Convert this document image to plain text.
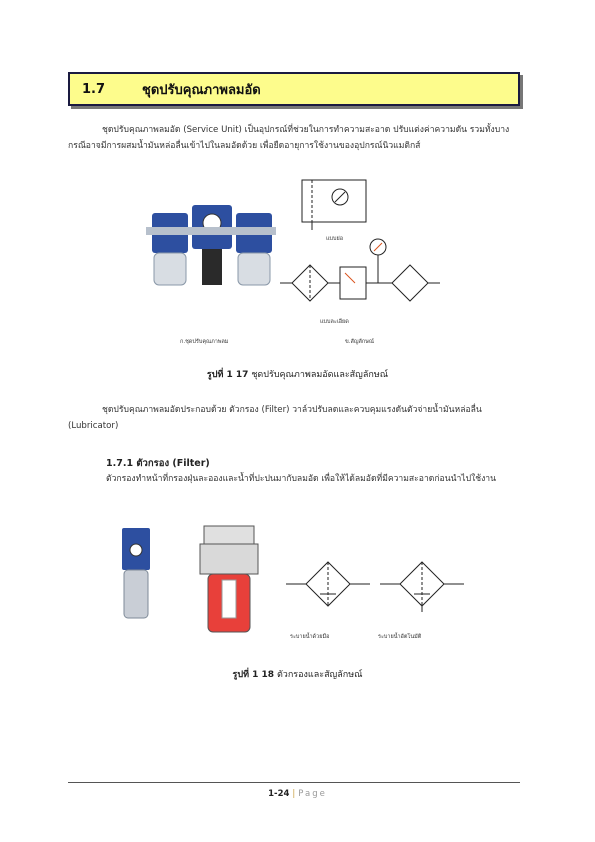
1.7	ชุดปรับคุณภาพลมอัด
ชุดปรับคุณภาพลมอัด (Service Unit) เป็นอุปกรณ์ที่ช่วยในการทำความสะอาด ปรับแต่งค่าความดัน รวมทั้งบางกรณีอาจมีการผสมน้ำมันหล่อลื่นเข้าไปในลมอัดด้วย เพื่อยืดอายุการใช้งานของอุปกรณ์นิวแมติกส์
ก.ชุดปรับคุณภาพลม
แบบย่อ
แบบละเอียด
ข.สัญลักษณ์
รูปที่ 1 17 ชุดปรับคุณภาพลมอัดและสัญลักษณ์
ชุดปรับคุณภาพลมอัดประกอบด้วย ตัวกรอง (Filter) วาล์วปรับลดและควบคุมแรงดันตัวจ่ายน้ำมันหล่อลื่น (Lubricator)
1.7.1 ตัวกรอง (Filter)
ตัวกรองทำหน้าที่กรองฝุ่นละอองและน้ำที่ปะปนมากับลมอัด เพื่อให้ได้ลมอัดที่มีความสะอาดก่อนนำไปใช้งาน
ระบายน้ำด้วยมือ	ระบายน้ำอัตโนมัติ
รูปที่ 1 18 ตัวกรองและสัญลักษณ์
1-24 | Page
